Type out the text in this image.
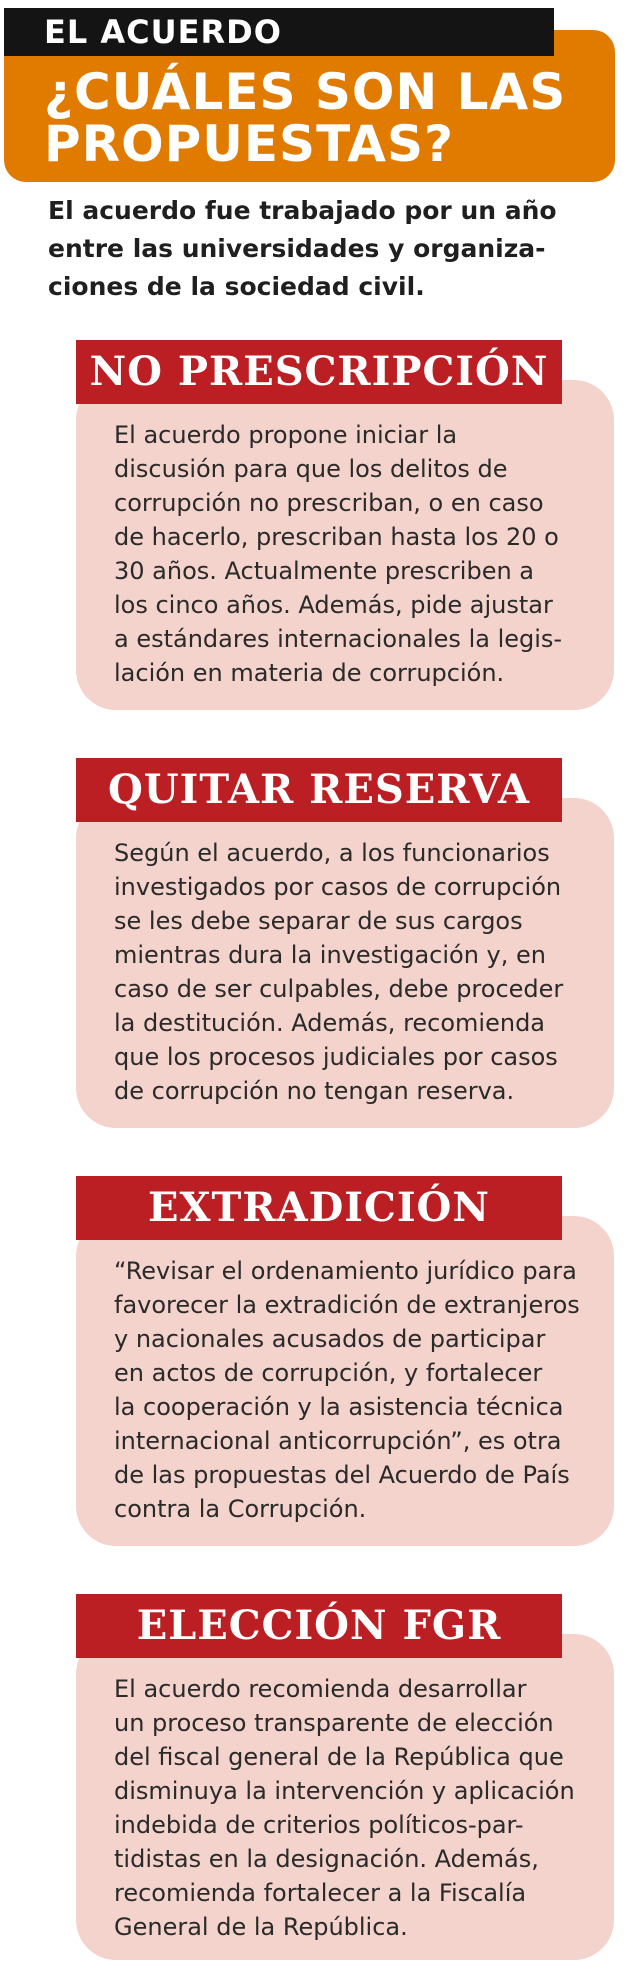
EL ACUERDO
¿CUÁLES SON LAS
PROPUESTAS?

El acuerdo fue trabajado por un año
entre las universidades y organiza-
ciones de la sociedad civil.

NO PRESCRIPCIÓN

El acuerdo propone iniciar la
discusión para que los delitos de
corrupción no prescriban, o en caso
de hacerlo, prescriban hasta los 20 o
30 años. Actualmente prescriben a
los cinco años. Además, pide ajustar
a estándares internacionales la legis-
lación en materia de corrupción.

QUITAR RESERVA

Según el acuerdo, a los funcionarios
investigados por casos de corrupción
se les debe separar de sus cargos
mientras dura la investigación y, en
caso de ser culpables, debe proceder
la destitución. Además, recomienda
que los procesos judiciales por casos
de corrupción no tengan reserva.

EXTRADICIÓN

“Revisar el ordenamiento jurídico para
favorecer la extradición de extranjeros
y nacionales acusados de participar
en actos de corrupción, y fortalecer
la cooperación y la asistencia técnica
internacional anticorrupción”, es otra
de las propuestas del Acuerdo de País
contra la Corrupción.

ELECCIÓN FGR

El acuerdo recomienda desarrollar
un proceso transparente de elección
del fiscal general de la República que
disminuya la intervención y aplicación
indebida de criterios políticos-par-
tidistas en la designación. Además,
recomienda fortalecer a la Fiscalía
General de la República.
